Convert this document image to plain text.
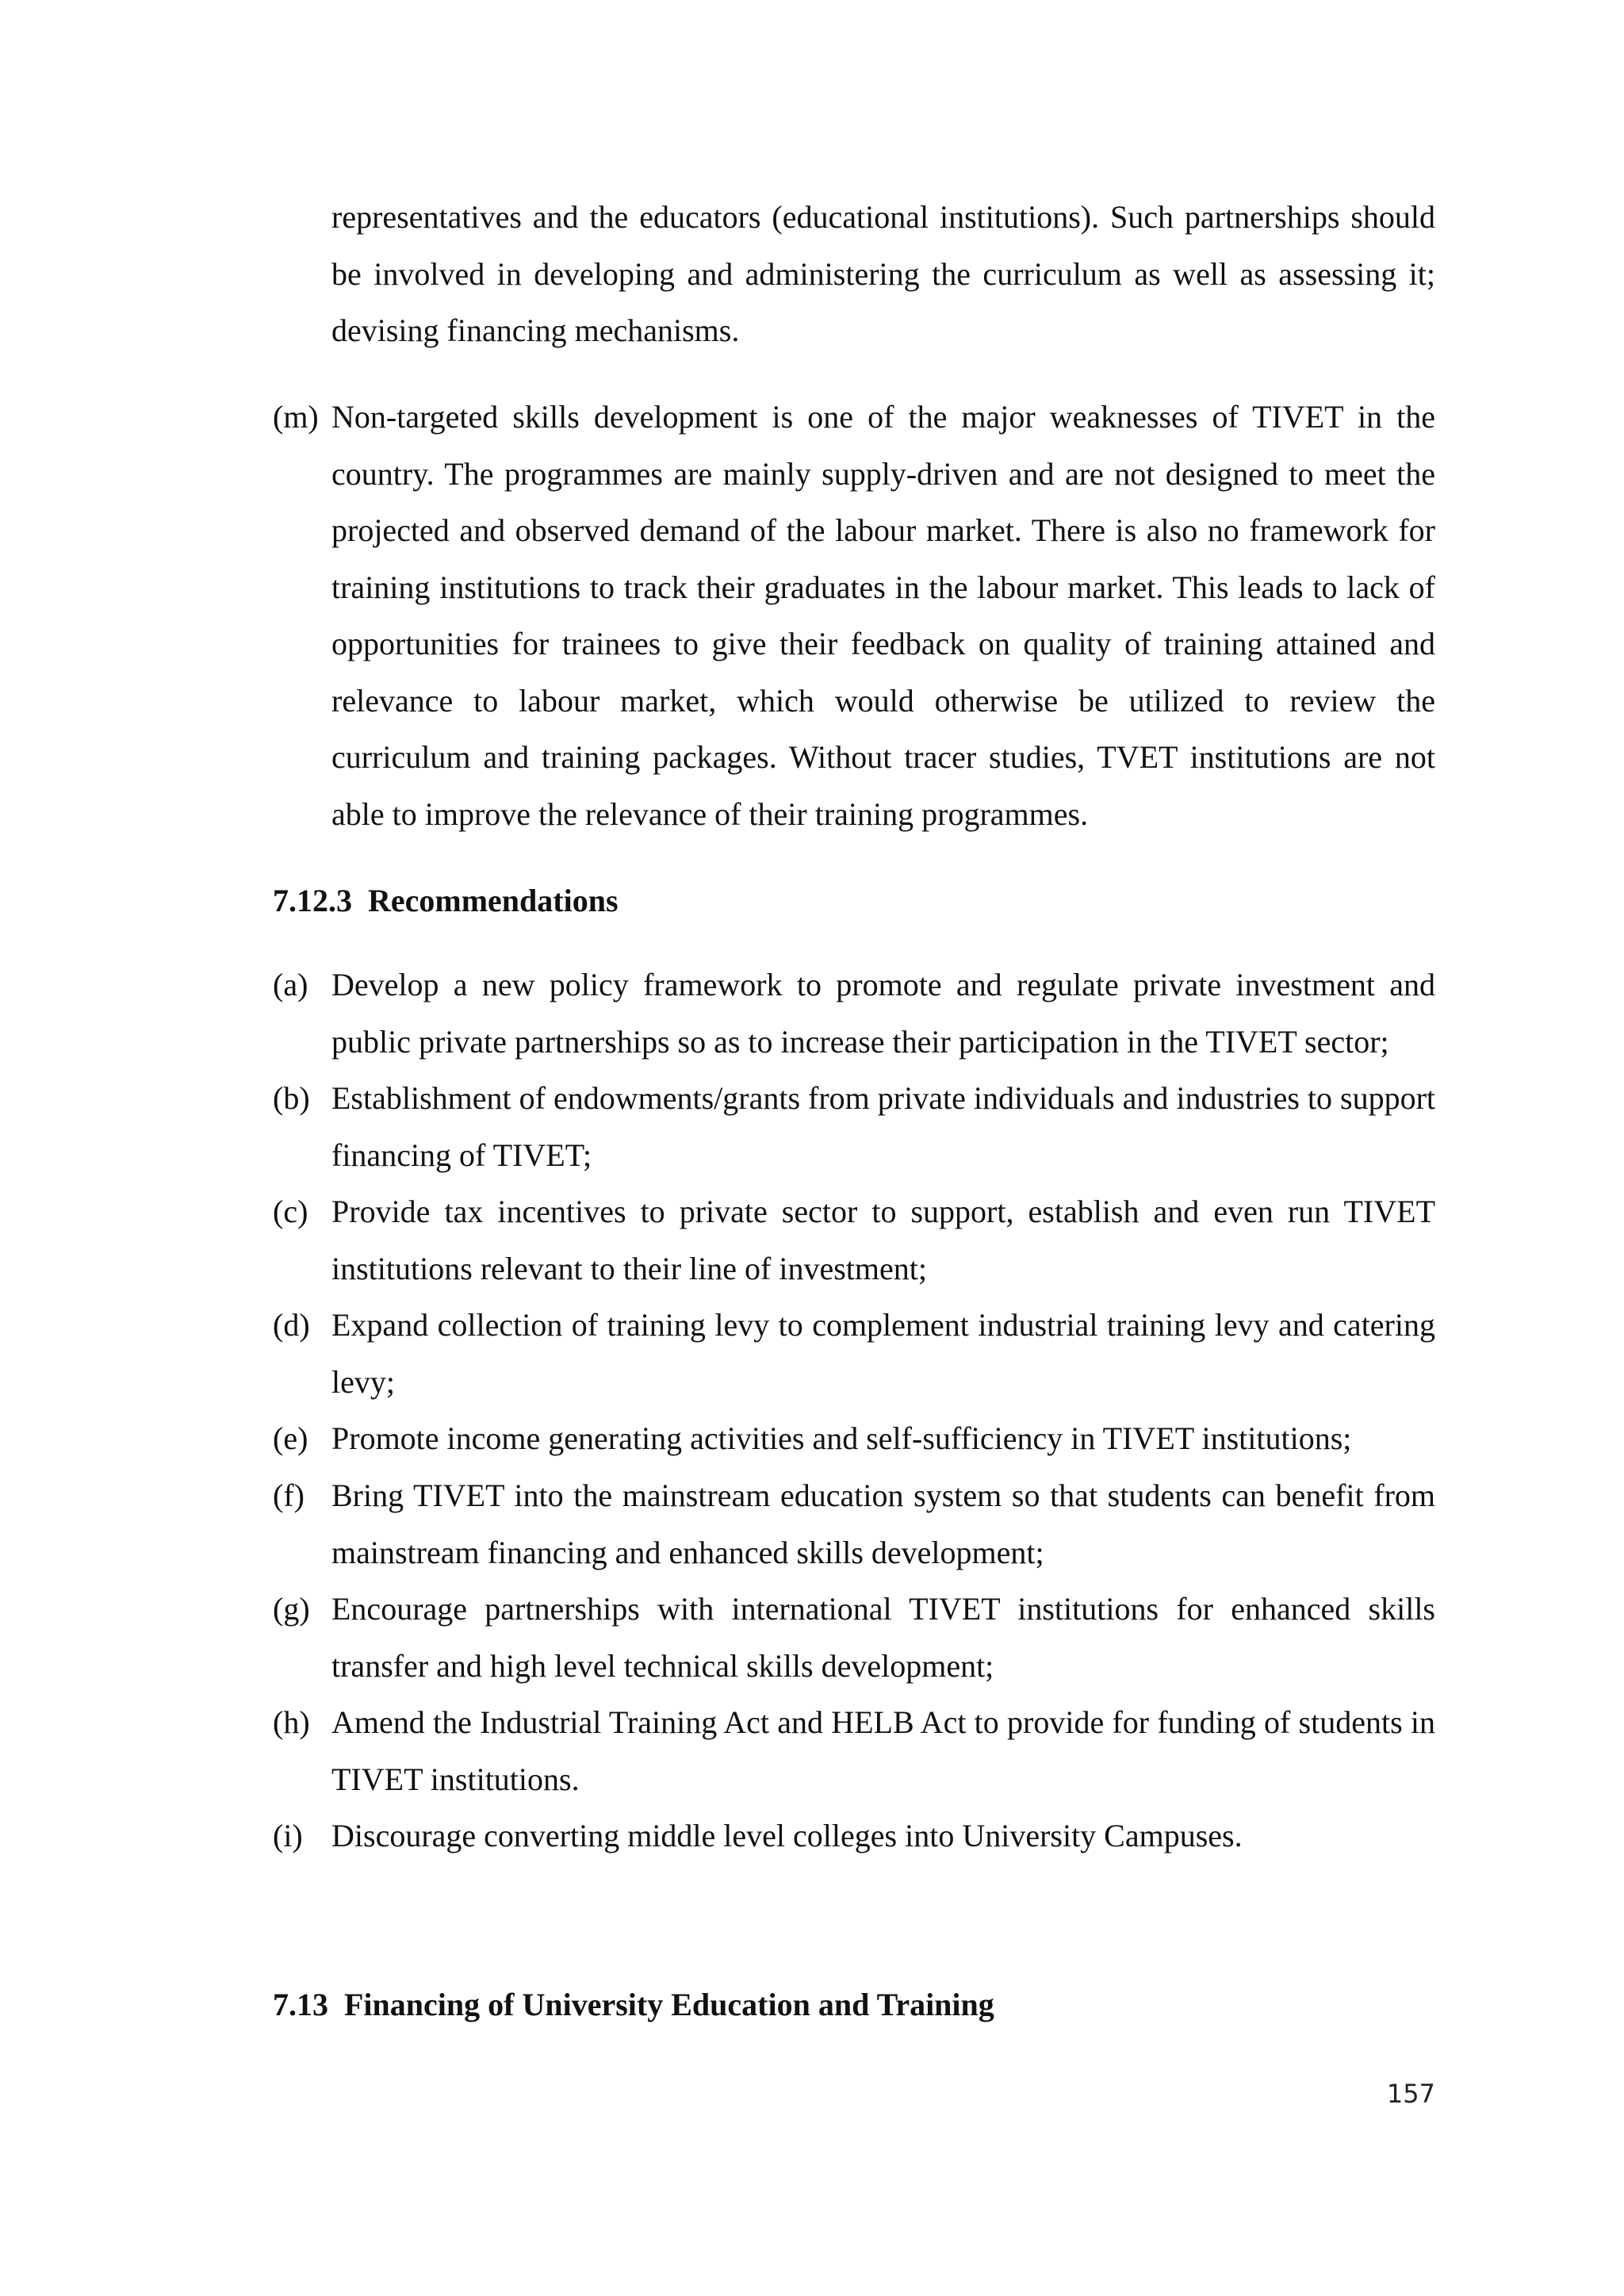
representatives and the educators (educational institutions). Such partnerships should be involved in developing and administering the curriculum as well as assessing it; devising financing mechanisms.
(m) Non-targeted skills development is one of the major weaknesses of TIVET in the country. The programmes are mainly supply-driven and are not designed to meet the projected and observed demand of the labour market. There is also no framework for training institutions to track their graduates in the labour market. This leads to lack of opportunities for trainees to give their feedback on quality of training attained and relevance to labour market, which would otherwise be utilized to review the curriculum and training packages. Without tracer studies, TVET institutions are not able to improve the relevance of their training programmes.
7.12.3  Recommendations
(a) Develop a new policy framework to promote and regulate private investment and public private partnerships so as to increase their participation in the TIVET sector;
(b) Establishment of endowments/grants from private individuals and industries to support financing of TIVET;
(c) Provide tax incentives to private sector to support, establish and even run TIVET institutions relevant to their line of investment;
(d) Expand collection of training levy to complement industrial training levy and catering levy;
(e) Promote income generating activities and self-sufficiency in TIVET institutions;
(f) Bring TIVET into the mainstream education system so that students can benefit from mainstream financing and enhanced skills development;
(g) Encourage partnerships with international TIVET institutions for enhanced skills transfer and high level technical skills development;
(h) Amend the Industrial Training Act and HELB Act to provide for funding of students in TIVET institutions.
(i) Discourage converting middle level colleges into University Campuses.
7.13  Financing of University Education and Training
157
